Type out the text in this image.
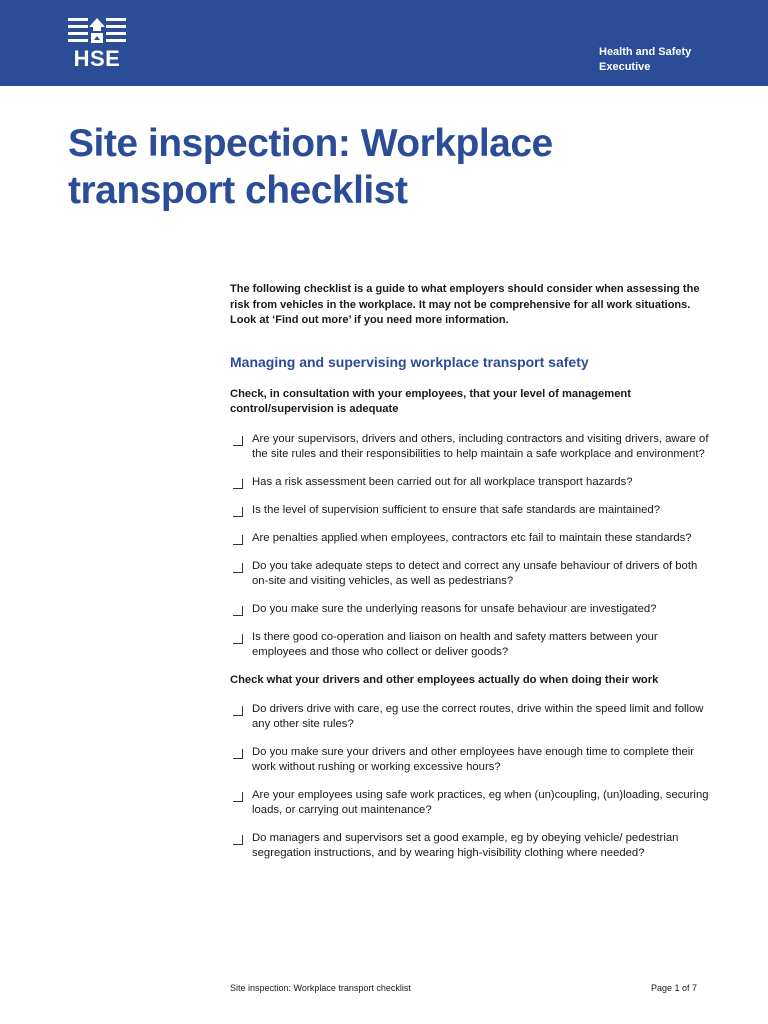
HSE	Health and Safety
Executive
Site inspection: Workplace
transport checklist

The following checklist is a guide to what employers should consider when assessing the risk from vehicles in the workplace. It may not be comprehensive for all work situations. Look at ‘Find out more’ if you need more information.

Managing and supervising workplace transport safety

Check, in consultation with your employees, that your level of management control/supervision is adequate

Are your supervisors, drivers and others, including contractors and visiting drivers, aware of the site rules and their responsibilities to help maintain a safe workplace and environment?
Has a risk assessment been carried out for all workplace transport hazards?
Is the level of supervision sufficient to ensure that safe standards are maintained?
Are penalties applied when employees, contractors etc fail to maintain these standards?
Do you take adequate steps to detect and correct any unsafe behaviour of drivers of both on-site and visiting vehicles, as well as pedestrians?
Do you make sure the underlying reasons for unsafe behaviour are investigated?
Is there good co-operation and liaison on health and safety matters between your employees and those who collect or deliver goods?

Check what your drivers and other employees actually do when doing their work

Do drivers drive with care, eg use the correct routes, drive within the speed limit and follow any other site rules?
Do you make sure your drivers and other employees have enough time to complete their work without rushing or working excessive hours?
Are your employees using safe work practices, eg when (un)coupling, (un)loading, securing loads, or carrying out maintenance?
Do managers and supervisors set a good example, eg by obeying vehicle/ pedestrian segregation instructions, and by wearing high-visibility clothing where needed?
Site inspection: Workplace transport checklist	Page 1 of 7
